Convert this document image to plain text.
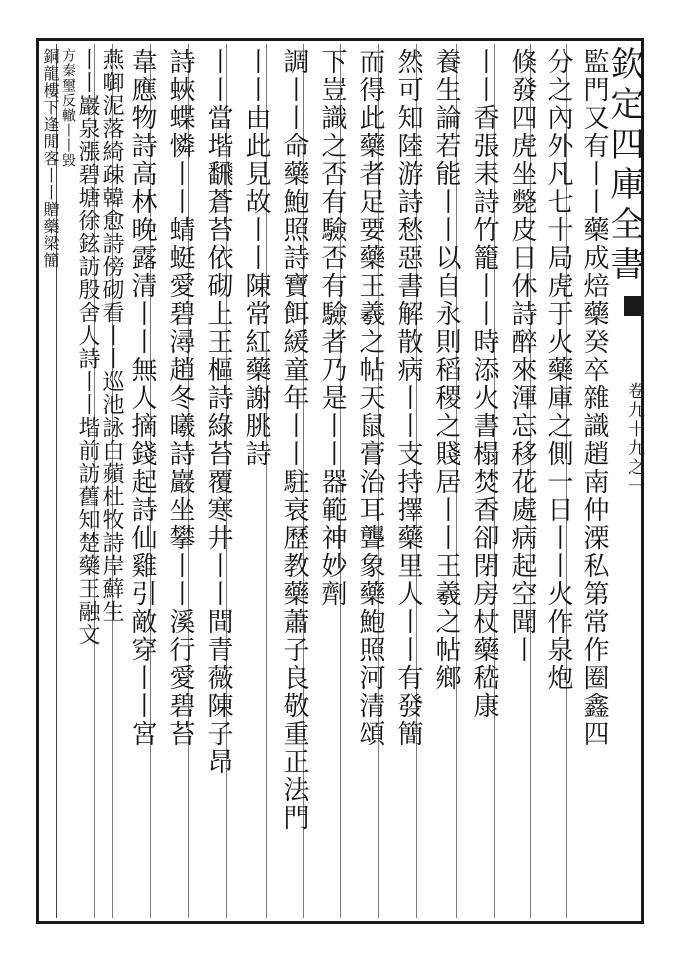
欽定四庫全書
卷九十九之一
監門又有丨丨藥成焙藥癸卒雜識趙南仲溧私第常作圈鑫四
分之內外凡七十局虎于火藥庫之側一日丨丨火作泉炮
倏發四虎坐斃皮日休詩醉來渾忘移花處病起空聞丨
丨丨香張耒詩竹籠丨丨時添火書榻焚香卻閉房杖藥嵇康
養生論若能丨丨以自永則稻稷之賤居丨丨王羲之帖鄉
然可知陸游詩愁惡書解散病丨丨支持擇藥里人丨丨有發簡
而得此藥者足要藥王羲之帖天鼠膏治耳聾象藥鮑照河清頌
下豈識之否有驗否有驗者乃是丨丨器範神妙劑
調丨丨命藥鮑照詩寶餌緩童年丨丨駐衰歷教藥蕭子良敬重正法門
丨丨由此見故丨丨陳常紅藥謝朓詩
丨丨當堦飜蒼苔依砌上王樞詩綠苔覆寒井丨丨間青薇陳子昂
詩蛺蝶憐丨丨蜻蜓愛碧潯趙冬曦詩巖坐攀丨丨溪行愛碧苔
韋應物詩高林晚露清丨丨無人摘錢起詩仙雞引敵穿丨丨宮
燕啣泥落綺疎韓愈詩傍砌看丨丨巡池詠白蘋杜牧詩岸蘚生
丨丨巖泉漲碧塘徐鉉訪殷舍人詩丨丨堦前訪舊知楚藥王融文
方秦璽反轍丨丨毀
銅龍樓下逢閒客丨丨贈藥梁簡
